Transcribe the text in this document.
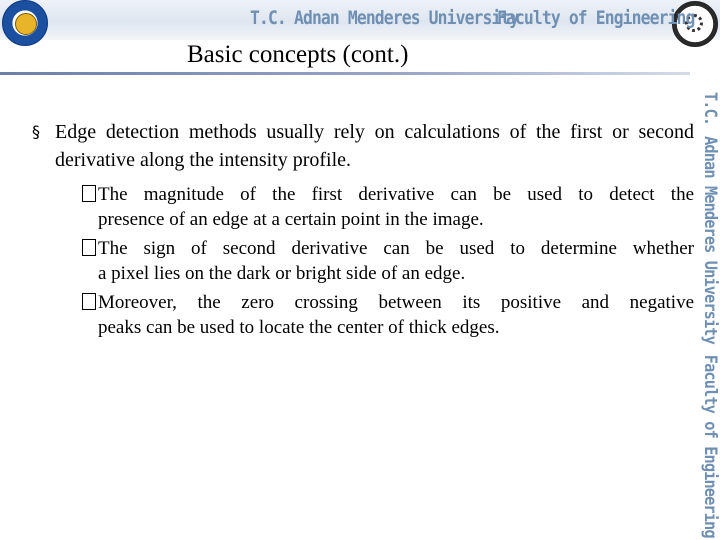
T.C. Adnan Menderes University
Faculty of Engineering
T.C.Adnan Menderes UniversityFaculty of Engineering
Basic concepts (cont.)
§ Edge detection methods usually rely on calculations of the first or second derivative along the intensity profile.
The magnitude of the first derivative can be used to detect the
presence of an edge at a certain point in the image.
The sign of second derivative can be used to determine whether
a pixel lies on the dark or bright side of an edge.
Moreover, the zero crossing between its positive and negative
peaks can be used to locate the center of thick edges.
